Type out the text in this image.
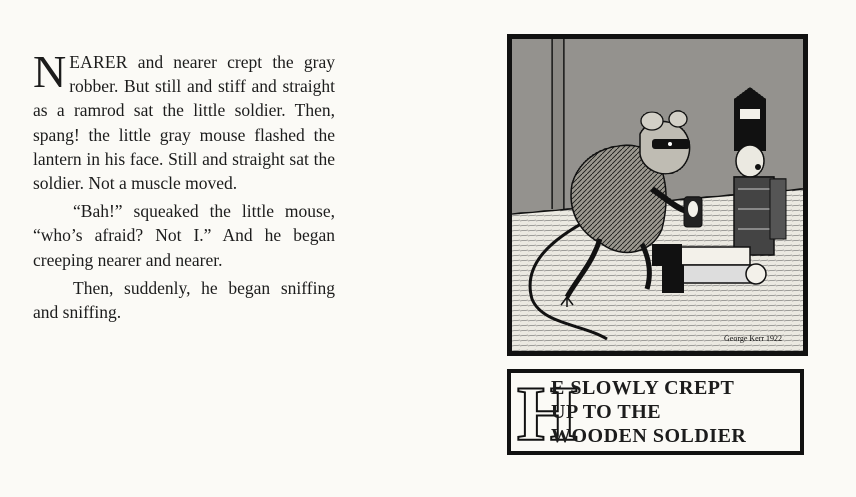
NEARER and nearer crept the gray robber. But still and stiff and straight as a ramrod sat the little soldier. Then, spang! the little gray mouse flashed the lantern in his face. Still and straight sat the soldier. Not a muscle moved.

“Bah!” squeaked the little mouse, “who’s afraid? Not I.” And he began creeping nearer and nearer.

Then, suddenly, he began sniffing and sniffing.

George Kerr 1922
H
E SLOWLY CREPT
UP TO THE
WOODEN SOLDIER
